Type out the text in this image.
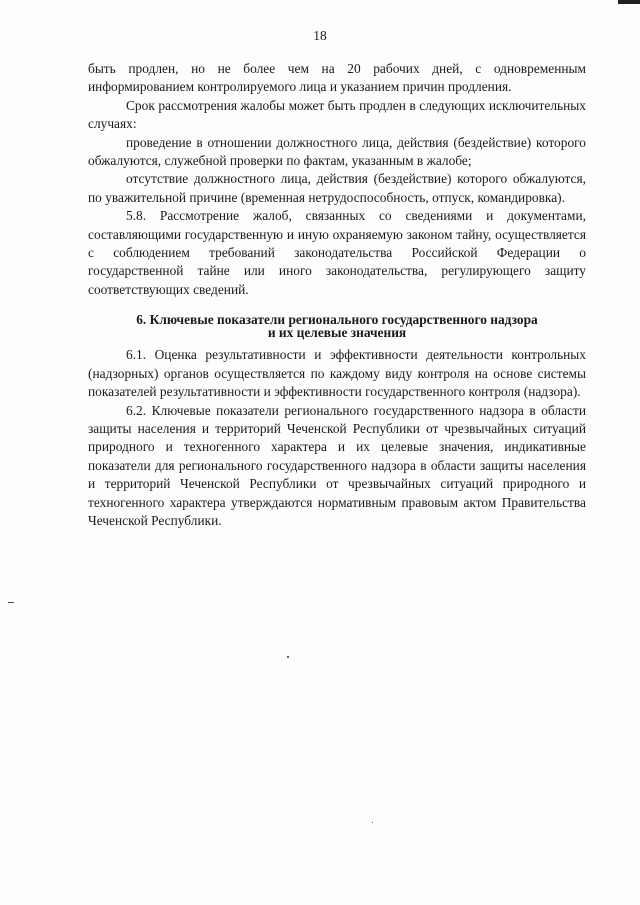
18

быть продлен, но не более чем на 20 рабочих дней, с одновременным информированием контролируемого лица и указанием причин продления.

Срок рассмотрения жалобы может быть продлен в следующих исключительных случаях:

проведение в отношении должностного лица, действия (бездействие) которого обжалуются, служебной проверки по фактам, указанным в жалобе;

отсутствие должностного лица, действия (бездействие) которого обжалуются, по уважительной причине (временная нетрудоспособность, отпуск, командировка).

5.8. Рассмотрение жалоб, связанных со сведениями и документами, составляющими государственную и иную охраняемую законом тайну, осуществляется с соблюдением требований законодательства Российской Федерации о государственной тайне или иного законодательства, регулирующего защиту соответствующих сведений.

6. Ключевые показатели регионального государственного надзора
и их целевые значения

6.1. Оценка результативности и эффективности деятельности контрольных (надзорных) органов осуществляется по каждому виду контроля на основе системы показателей результативности и эффективности государственного контроля (надзора).

6.2. Ключевые показатели регионального государственного надзора в области защиты населения и территорий Чеченской Республики от чрезвычайных ситуаций природного и техногенного характера и их целевые значения, индикативные показатели для регионального государственного надзора в области защиты населения и территорий Чеченской Республики от чрезвычайных ситуаций природного и техногенного характера утверждаются нормативным правовым актом Правительства Чеченской Республики.
